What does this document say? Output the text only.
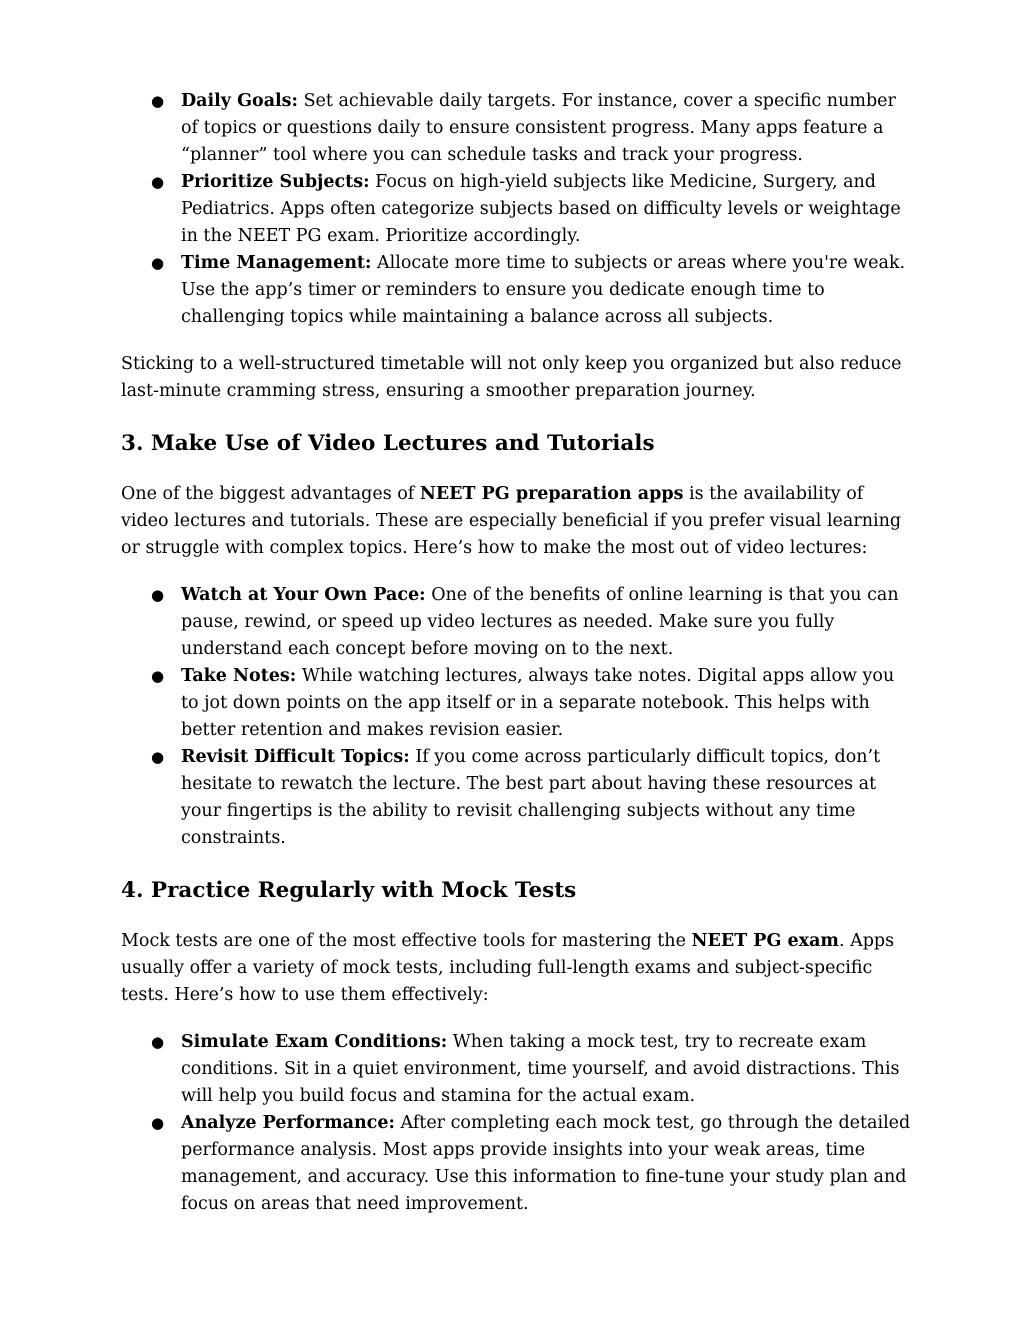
● Daily Goals: Set achievable daily targets. For instance, cover a specific number of topics or questions daily to ensure consistent progress. Many apps feature a “planner” tool where you can schedule tasks and track your progress.
● Prioritize Subjects: Focus on high-yield subjects like Medicine, Surgery, and Pediatrics. Apps often categorize subjects based on difficulty levels or weightage in the NEET PG exam. Prioritize accordingly.
● Time Management: Allocate more time to subjects or areas where you're weak. Use the app’s timer or reminders to ensure you dedicate enough time to challenging topics while maintaining a balance across all subjects.

Sticking to a well-structured timetable will not only keep you organized but also reduce last-minute cramming stress, ensuring a smoother preparation journey.

3. Make Use of Video Lectures and Tutorials

One of the biggest advantages of NEET PG preparation apps is the availability of video lectures and tutorials. These are especially beneficial if you prefer visual learning or struggle with complex topics. Here’s how to make the most out of video lectures:

● Watch at Your Own Pace: One of the benefits of online learning is that you can pause, rewind, or speed up video lectures as needed. Make sure you fully understand each concept before moving on to the next.
● Take Notes: While watching lectures, always take notes. Digital apps allow you to jot down points on the app itself or in a separate notebook. This helps with better retention and makes revision easier.
● Revisit Difficult Topics: If you come across particularly difficult topics, don’t hesitate to rewatch the lecture. The best part about having these resources at your fingertips is the ability to revisit challenging subjects without any time constraints.
4. Practice Regularly with Mock Tests

Mock tests are one of the most effective tools for mastering the NEET PG exam. Apps usually offer a variety of mock tests, including full-length exams and subject-specific tests. Here’s how to use them effectively:

● Simulate Exam Conditions: When taking a mock test, try to recreate exam conditions. Sit in a quiet environment, time yourself, and avoid distractions. This will help you build focus and stamina for the actual exam.
● Analyze Performance: After completing each mock test, go through the detailed performance analysis. Most apps provide insights into your weak areas, time management, and accuracy. Use this information to fine-tune your study plan and focus on areas that need improvement.
